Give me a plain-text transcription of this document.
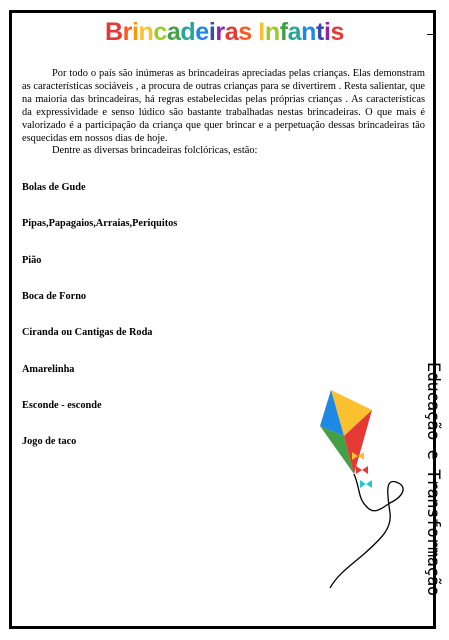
Brincadeiras Infantis

Por todo o país são inúmeras as brincadeiras apreciadas pelas crianças. Elas demonstram as características sociáveis , a procura de outras crianças para se divertirem . Resta salientar, que na maioria das brincadeiras, há regras estabelecidas pelas próprias crianças . As características da expressividade e senso lúdico são bastante trabalhadas nestas brincadeiras. O que mais é valorizado é a participação da criança que quer brincar e a perpetuação dessas brincadeiras tão esquecidas em nossos dias de hoje.

Dentre as diversas brincadeiras folclóricas, estão:

Bolas de Gude
Pipas,Papagaios,Arraias,Periquitos
Pião
Boca de Forno
Ciranda ou Cantigas de Roda
Amarelinha
Esconde - esconde
Jogo de taco	Educação e Transformação
